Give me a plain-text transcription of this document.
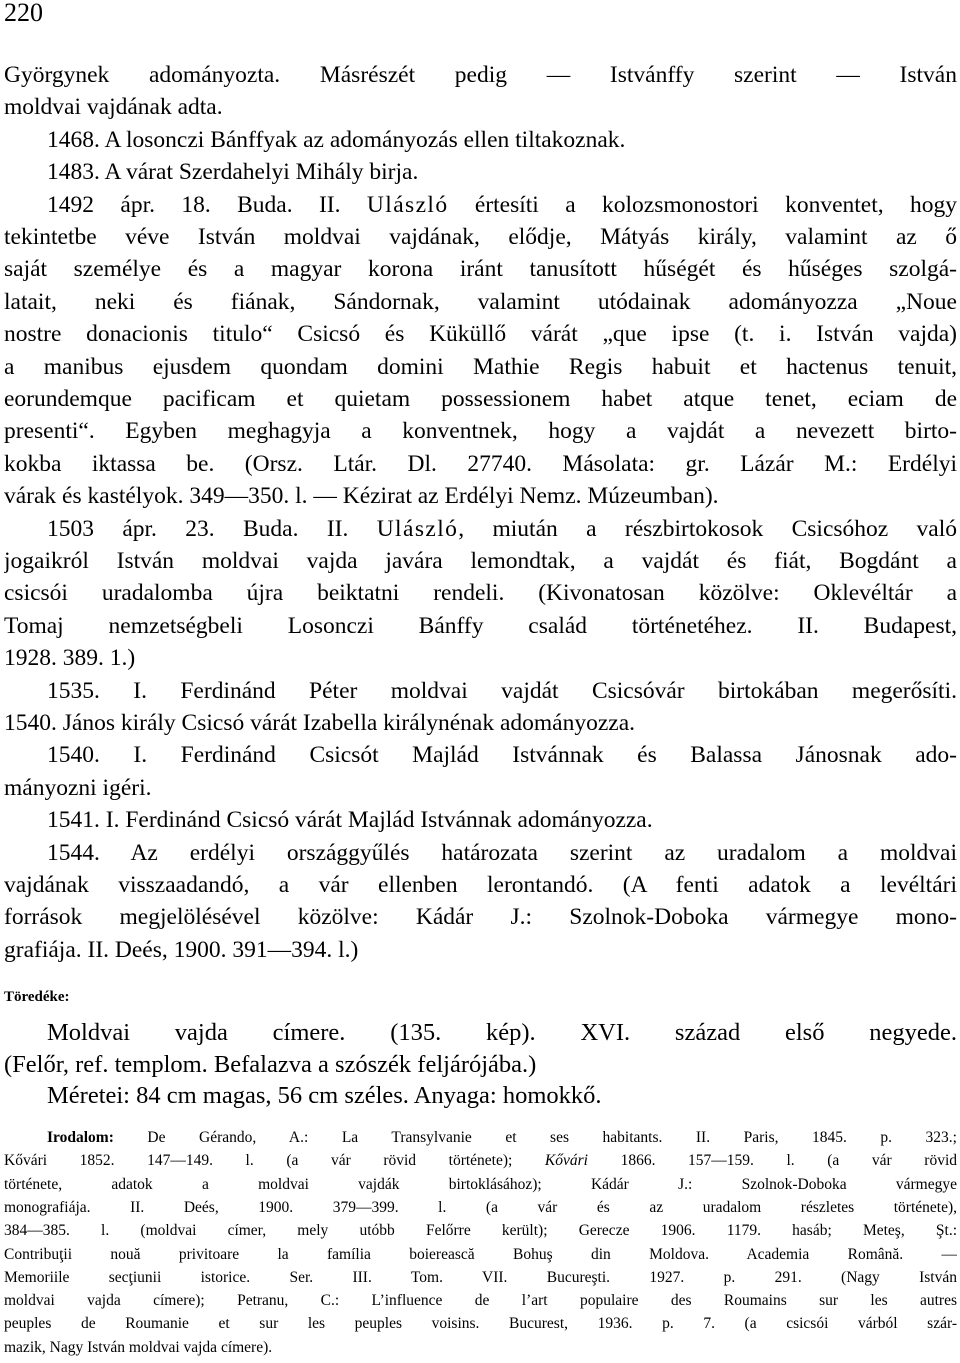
220
Györgynek adományozta. Másrészét pedig — Istvánffy szerint — István
moldvai vajdának adta.
1468. A losonczi Bánffyak az adományozás ellen tiltakoznak.
1483. A várat Szerdahelyi Mihály birja.
1492 ápr. 18. Buda. II. Ulászló értesíti a kolozsmonostori konventet, hogy
tekintetbe véve István moldvai vajdának, elődje, Mátyás király, valamint az ő
saját személye és a magyar korona iránt tanusított hűségét és hűséges szolgá-
latait, neki és fiának, Sándornak, valamint utódainak adományozza „Noue
nostre donacionis titulo“ Csicsó és Küküllő várát „que ipse (t. i. István vajda)
a manibus ejusdem quondam domini Mathie Regis habuit et hactenus tenuit,
eorundemque pacificam et quietam possessionem habet atque tenet, eciam de
presenti“. Egyben meghagyja a konventnek, hogy a vajdát a nevezett birto-
kokba iktassa be. (Orsz. Ltár. Dl. 27740. Másolata: gr. Lázár M.: Erdélyi
várak és kastélyok. 349—350. l. — Kézirat az Erdélyi Nemz. Múzeumban).
1503 ápr. 23. Buda. II. Ulászló, miután a részbirtokosok Csicsóhoz való
jogaikról István moldvai vajda javára lemondtak, a vajdát és fiát, Bogdánt a
csicsói uradalomba újra beiktatni rendeli. (Kivonatosan közölve: Oklevéltár a
Tomaj nemzetségbeli Losonczi Bánffy család történetéhez. II. Budapest,
1928. 389. 1.)
1535. I. Ferdinánd Péter moldvai vajdát Csicsóvár birtokában megerősíti.
1540. János király Csicsó várát Izabella királynénak adományozza.
1540. I. Ferdinánd Csicsót Majlád Istvánnak és Balassa Jánosnak ado-
mányozni igéri.
1541. I. Ferdinánd Csicsó várát Majlád Istvánnak adományozza.
1544. Az erdélyi országgyűlés határozata szerint az uradalom a moldvai
vajdának visszaadandó, a vár ellenben lerontandó. (A fenti adatok a levéltári
források megjelölésével közölve: Kádár J.: Szolnok-Doboka vármegye mono-
grafiája. II. Deés, 1900. 391—394. l.)
Töredéke:
Moldvai vajda címere. (135. kép). XVI. század első negyede.
(Felőr, ref. templom. Befalazva a szószék feljárójába.)
Méretei: 84 cm magas, 56 cm széles. Anyaga: homokkő.
Irodalom: De Gérando, A.: La Transylvanie et ses habitants. II. Paris, 1845. p. 323.;
Kővári 1852. 147—149. l. (a vár rövid története); Kővári 1866. 157—159. l. (a vár rövid
története, adatok a moldvai vajdák birtoklásához); Kádár J.: Szolnok-Doboka vármegye
monografiája. II. Deés, 1900. 379—399. l. (a vár és az uradalom részletes története),
384—385. l. (moldvai címer, mely utóbb Felőrre került); Gerecze 1906. 1179. hasáb; Meteş, Şt.:
Contribuţii nouă privitoare la família boierească Bohuş din Moldova. Academia Română. —
Memoriile secţiunii istorice. Ser. III. Tom. VII. Bucureşti. 1927. p. 291. (Nagy István
moldvai vajda címere); Petranu, C.: L’influence de l’art populaire des Roumains sur les autres
peuples de Roumanie et sur les peuples voisins. Bucurest, 1936. p. 7. (a csicsói várból szár-
mazik, Nagy István moldvai vajda címere).
